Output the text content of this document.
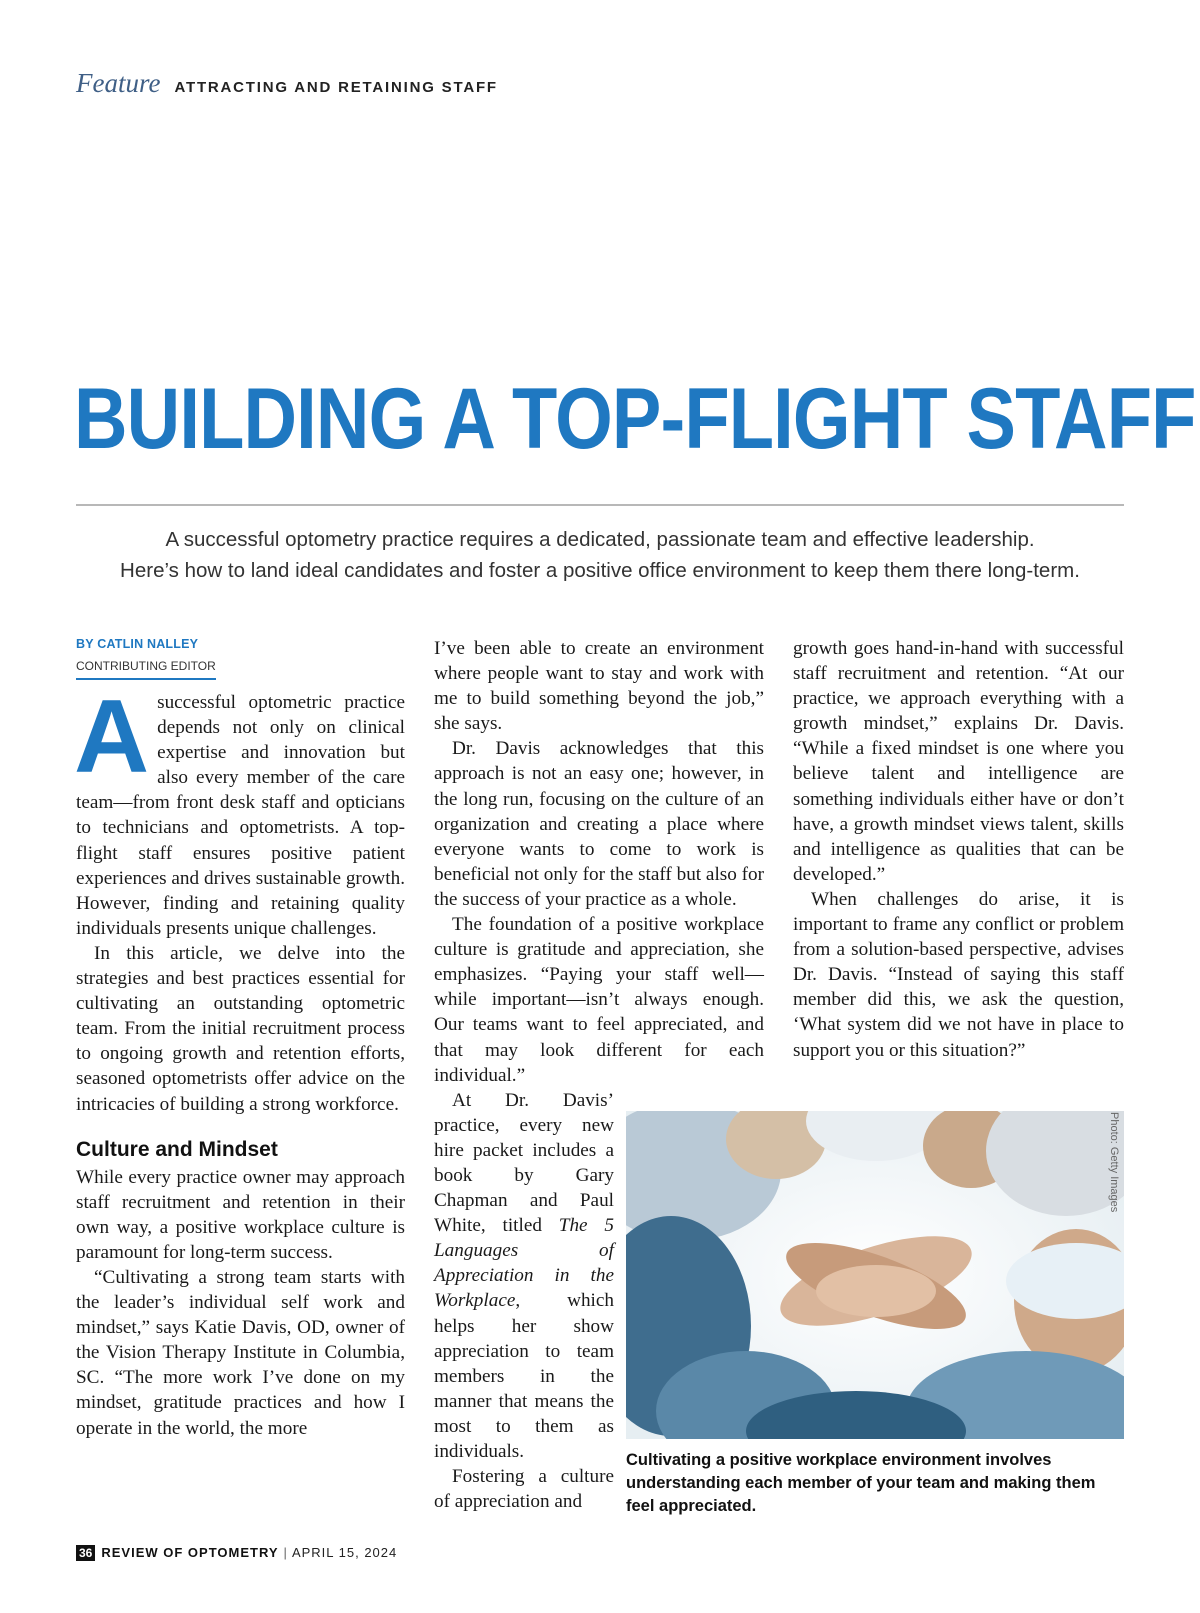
Feature ATTRACTING AND RETAINING STAFF
BUILDING A TOP-FLIGHT STAFF

A successful optometry practice requires a dedicated, passionate team and effective leadership.
Here’s how to land ideal candidates and foster a positive office environment to keep them there long-term.

BY CATLIN NALLEY
CONTRIBUTING EDITOR

Asuccessful optometric practice depends not only on clinical expertise and innovation but also every member of the care team—from front desk staff and opticians to technicians and optometrists. A top-flight staff ensures positive patient experiences and drives sustainable growth. However, finding and retaining quality individuals presents unique challenges.

In this article, we delve into the strategies and best practices essential for cultivating an outstanding optometric team. From the initial recruitment process to ongoing growth and retention efforts, seasoned optometrists offer advice on the intricacies of building a strong workforce.

Culture and Mindset

While every practice owner may approach staff recruitment and retention in their own way, a positive workplace culture is paramount for long-term success.

“Cultivating a strong team starts with the leader’s individual self work and mindset,” says Katie Davis, OD, owner of the Vision Therapy Institute in Columbia, SC. “The more work I’ve done on my mindset, gratitude practices and how I operate in the world, the more

I’ve been able to create an environment where people want to stay and work with me to build something beyond the job,” she says.

Dr. Davis acknowledges that this approach is not an easy one; however, in the long run, focusing on the culture of an organization and creating a place where everyone wants to come to work is beneficial not only for the staff but also for the success of your practice as a whole.

The foundation of a positive workplace culture is gratitude and appreciation, she emphasizes. “Paying your staff well—while important—isn’t always enough. Our teams want to feel appreciated, and that may look different for each individual.”

At Dr. Davis’ practice, every new hire packet includes a book by Gary Chapman and Paul White, titled The 5 Languages of Appreciation in the Workplace, which helps her show appreciation to team members in the manner that means the most to them as individuals.

Fostering a culture of appreciation and

growth goes hand-in-hand with successful staff recruitment and retention. “At our practice, we approach everything with a growth mindset,” explains Dr. Davis. “While a fixed mindset is one where you believe talent and intelligence are something individuals either have or don’t have, a growth mindset views talent, skills and intelligence as qualities that can be developed.”

When challenges do arise, it is important to frame any conflict or problem from a solution-based perspective, advises Dr. Davis. “Instead of saying this staff member did this, we ask the question, ‘What system did we not have in place to support you or this situation?”

Photo: Getty Images
Cultivating a positive workplace environment involves understanding each member of your team and making them feel appreciated.
36 REVIEW OF OPTOMETRY | APRIL 15, 2024
